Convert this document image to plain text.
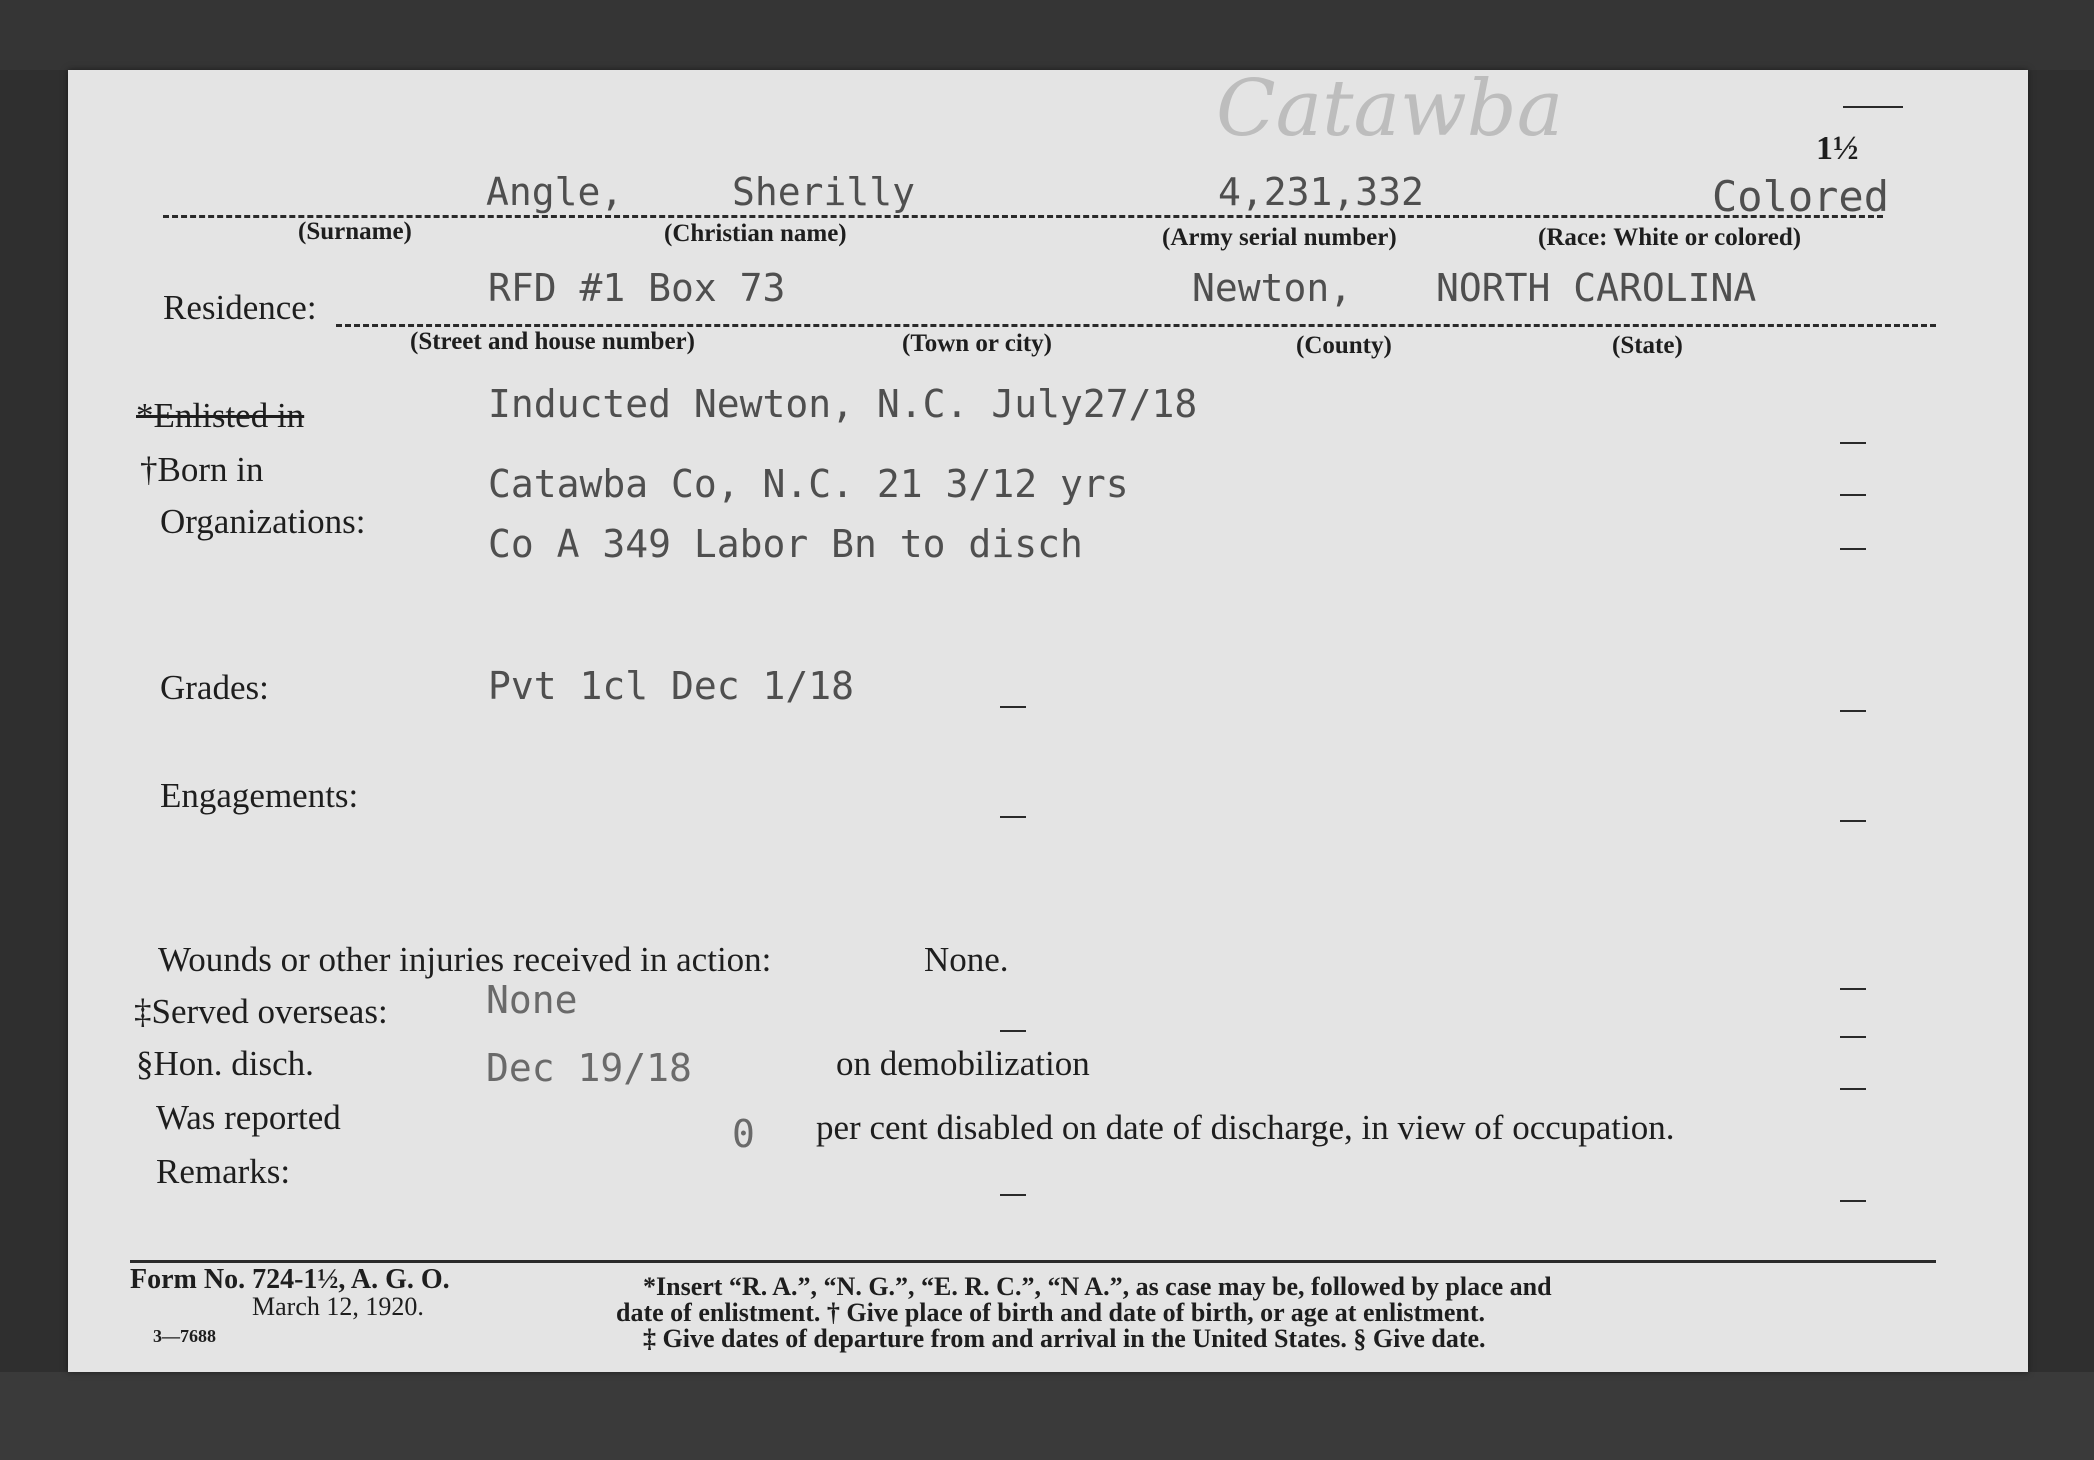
Catawba	1½
Angle,	Sherilly	4,231,332	Colored
(Surname)	(Christian name)	(Army serial number)	(Race: White or colored)
Residence:	RFD #1 Box 73	Newton, NORTH CAROLINA
(Street and house number)	(Town or city)	(County)	(State)
*Enlisted in	Inducted Newton, N.C. July27/18
†Born in	Catawba Co, N.C. 21 3/12 yrs
Organizations:
Co A 349 Labor Bn to disch
Grades:	Pvt 1cl Dec 1/18
Engagements:
Wounds or other injuries received in action:	None.
‡Served overseas:	None
§Hon. disch.	Dec 19/18	on demobilization
Was reported	0 per cent disabled on date of discharge, in view of occupation.
Remarks:
Form No. 724-1½, A. G. O.
March 12, 1920.
3—7688
*Insert “R. A.”, “N. G.”, “E. R. C.”, “N A.”, as case may be, followed by place and
date of enlistment. † Give place of birth and date of birth, or age at enlistment.
‡ Give dates of departure from and arrival in the United States. § Give date.
